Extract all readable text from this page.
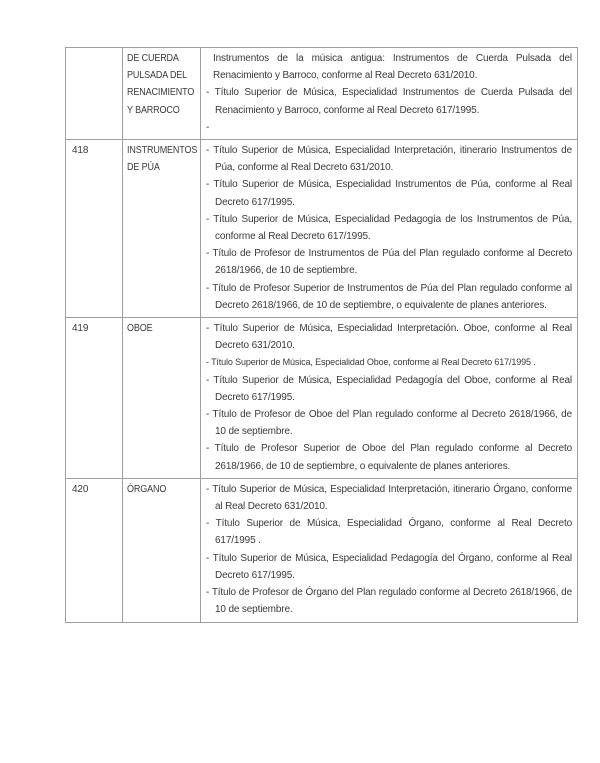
	DE CUERDA PULSADA DEL RENACIMIENTO Y BARROCO	Instrumentos de la música antigua: Instrumentos de Cuerda Pulsada del Renacimiento y Barroco, conforme al Real Decreto 631/2010.
- Título Superior de Música, Especialidad Instrumentos de Cuerda Pulsada del Renacimiento y Barroco, conforme al Real Decreto 617/1995.
-

418	INSTRUMENTOS DE PÚA	- Título Superior de Música, Especialidad Interpretación, itinerario Instrumentos de Púa, conforme al Real Decreto 631/2010.
- Título Superior de Música, Especialidad Instrumentos de Púa, conforme al Real Decreto 617/1995.
- Título Superior de Música, Especialidad Pedagogía de los Instrumentos de Púa, conforme al Real Decreto 617/1995.
- Título de Profesor de Instrumentos de Púa del Plan regulado conforme al Decreto 2618/1966, de 10 de septiembre.
- Título de Profesor Superior de Instrumentos de Púa del Plan regulado conforme al Decreto 2618/1966, de 10 de septiembre, o equivalente de planes anteriores.

419	OBOE	- Título Superior de Música, Especialidad Interpretación. Oboe, conforme al Real Decreto 631/2010.
- Título Superior de Música, Especialidad Oboe, conforme al Real Decreto 617/1995 .
- Título Superior de Música, Especialidad Pedagogía del Oboe, conforme al Real Decreto 617/1995.
- Título de Profesor de Oboe del Plan regulado conforme al Decreto 2618/1966, de 10 de septiembre.
- Título de Profesor Superior de Oboe del Plan regulado conforme al Decreto 2618/1966, de 10 de septiembre, o equivalente de planes anteriores.

420	ÓRGANO	- Título Superior de Música, Especialidad Interpretación, itinerario Órgano, conforme al Real Decreto 631/2010.
- Título Superior de Música, Especialidad Órgano, conforme al Real Decreto 617/1995 .
- Título Superior de Música, Especialidad Pedagogía del Órgano, conforme al Real Decreto 617/1995.
- Título de Profesor de Órgano del Plan regulado conforme al Decreto 2618/1966, de 10 de septiembre.
